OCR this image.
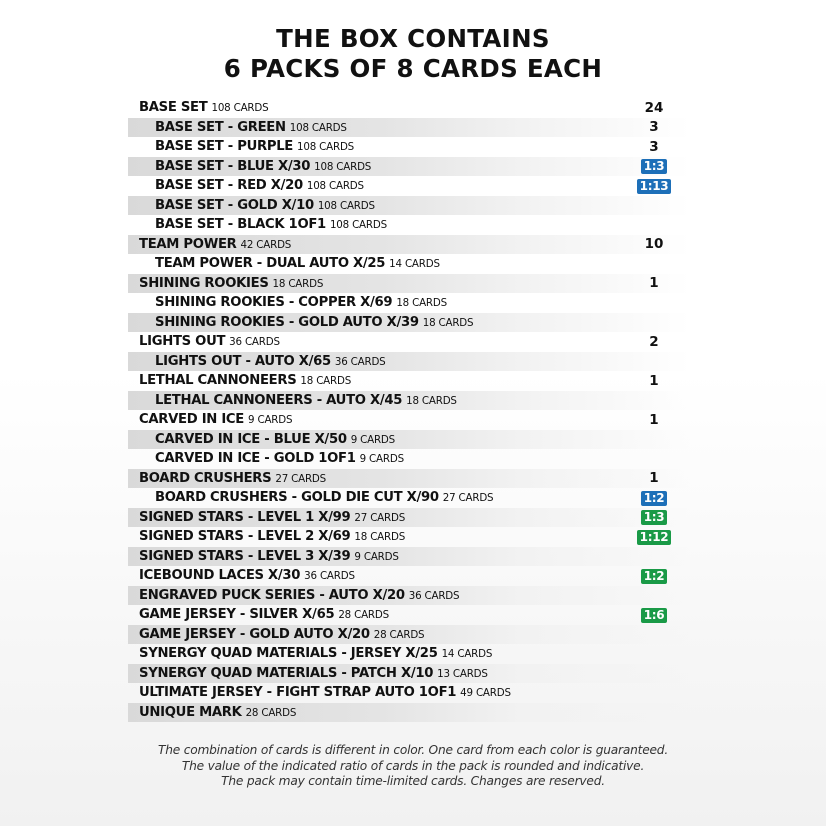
THE BOX CONTAINS
6 PACKS OF 8 CARDS EACH
BASE SET 108 CARDS	24
BASE SET - GREEN 108 CARDS	3
BASE SET - PURPLE 108 CARDS	3
BASE SET - BLUE X/30 108 CARDS	1:3
BASE SET - RED X/20 108 CARDS	1:13
BASE SET - GOLD X/10 108 CARDS
BASE SET - BLACK 1OF1 108 CARDS
TEAM POWER 42 CARDS	10
TEAM POWER - DUAL AUTO X/25 14 CARDS
SHINING ROOKIES 18 CARDS	1
SHINING ROOKIES - COPPER X/69 18 CARDS
SHINING ROOKIES - GOLD AUTO X/39 18 CARDS
LIGHTS OUT 36 CARDS	2
LIGHTS OUT - AUTO X/65 36 CARDS
LETHAL CANNONEERS 18 CARDS	1
LETHAL CANNONEERS - AUTO X/45 18 CARDS
CARVED IN ICE 9 CARDS	1
CARVED IN ICE - BLUE X/50 9 CARDS
CARVED IN ICE - GOLD 1OF1 9 CARDS
BOARD CRUSHERS 27 CARDS	1
BOARD CRUSHERS - GOLD DIE CUT X/90 27 CARDS	1:2
SIGNED STARS - LEVEL 1 X/99 27 CARDS	1:3
SIGNED STARS - LEVEL 2 X/69 18 CARDS	1:12
SIGNED STARS - LEVEL 3 X/39 9 CARDS
ICEBOUND LACES X/30 36 CARDS	1:2
ENGRAVED PUCK SERIES - AUTO X/20 36 CARDS
GAME JERSEY - SILVER X/65 28 CARDS	1:6
GAME JERSEY - GOLD AUTO X/20 28 CARDS
SYNERGY QUAD MATERIALS - JERSEY X/25 14 CARDS
SYNERGY QUAD MATERIALS - PATCH X/10 13 CARDS
ULTIMATE JERSEY - FIGHT STRAP AUTO 1OF1 49 CARDS
UNIQUE MARK 28 CARDS
The combination of cards is different in color. One card from each color is guaranteed.
The value of the indicated ratio of cards in the pack is rounded and indicative.
The pack may contain time-limited cards. Changes are reserved.
